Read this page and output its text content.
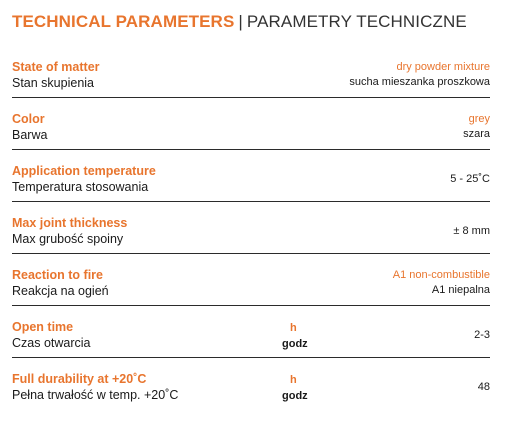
TECHNICAL PARAMETERS | PARAMETRY TECHNICZNE
State of matter
Stan skupienia
dry powder mixture
sucha mieszanka proszkowa
Color
Barwa
grey
szara
Application temperature
Temperatura stosowania
5 - 25˚C
Max joint thickness
Max grubość spoiny
± 8 mm
Reaction to fire
Reakcja na ogień
A1 non-combustible
A1 niepalna
Open time
Czas otwarcia
h
godz
2-3
Full durability at +20˚C
Pełna trwałość w temp. +20˚C
h
godz
48
